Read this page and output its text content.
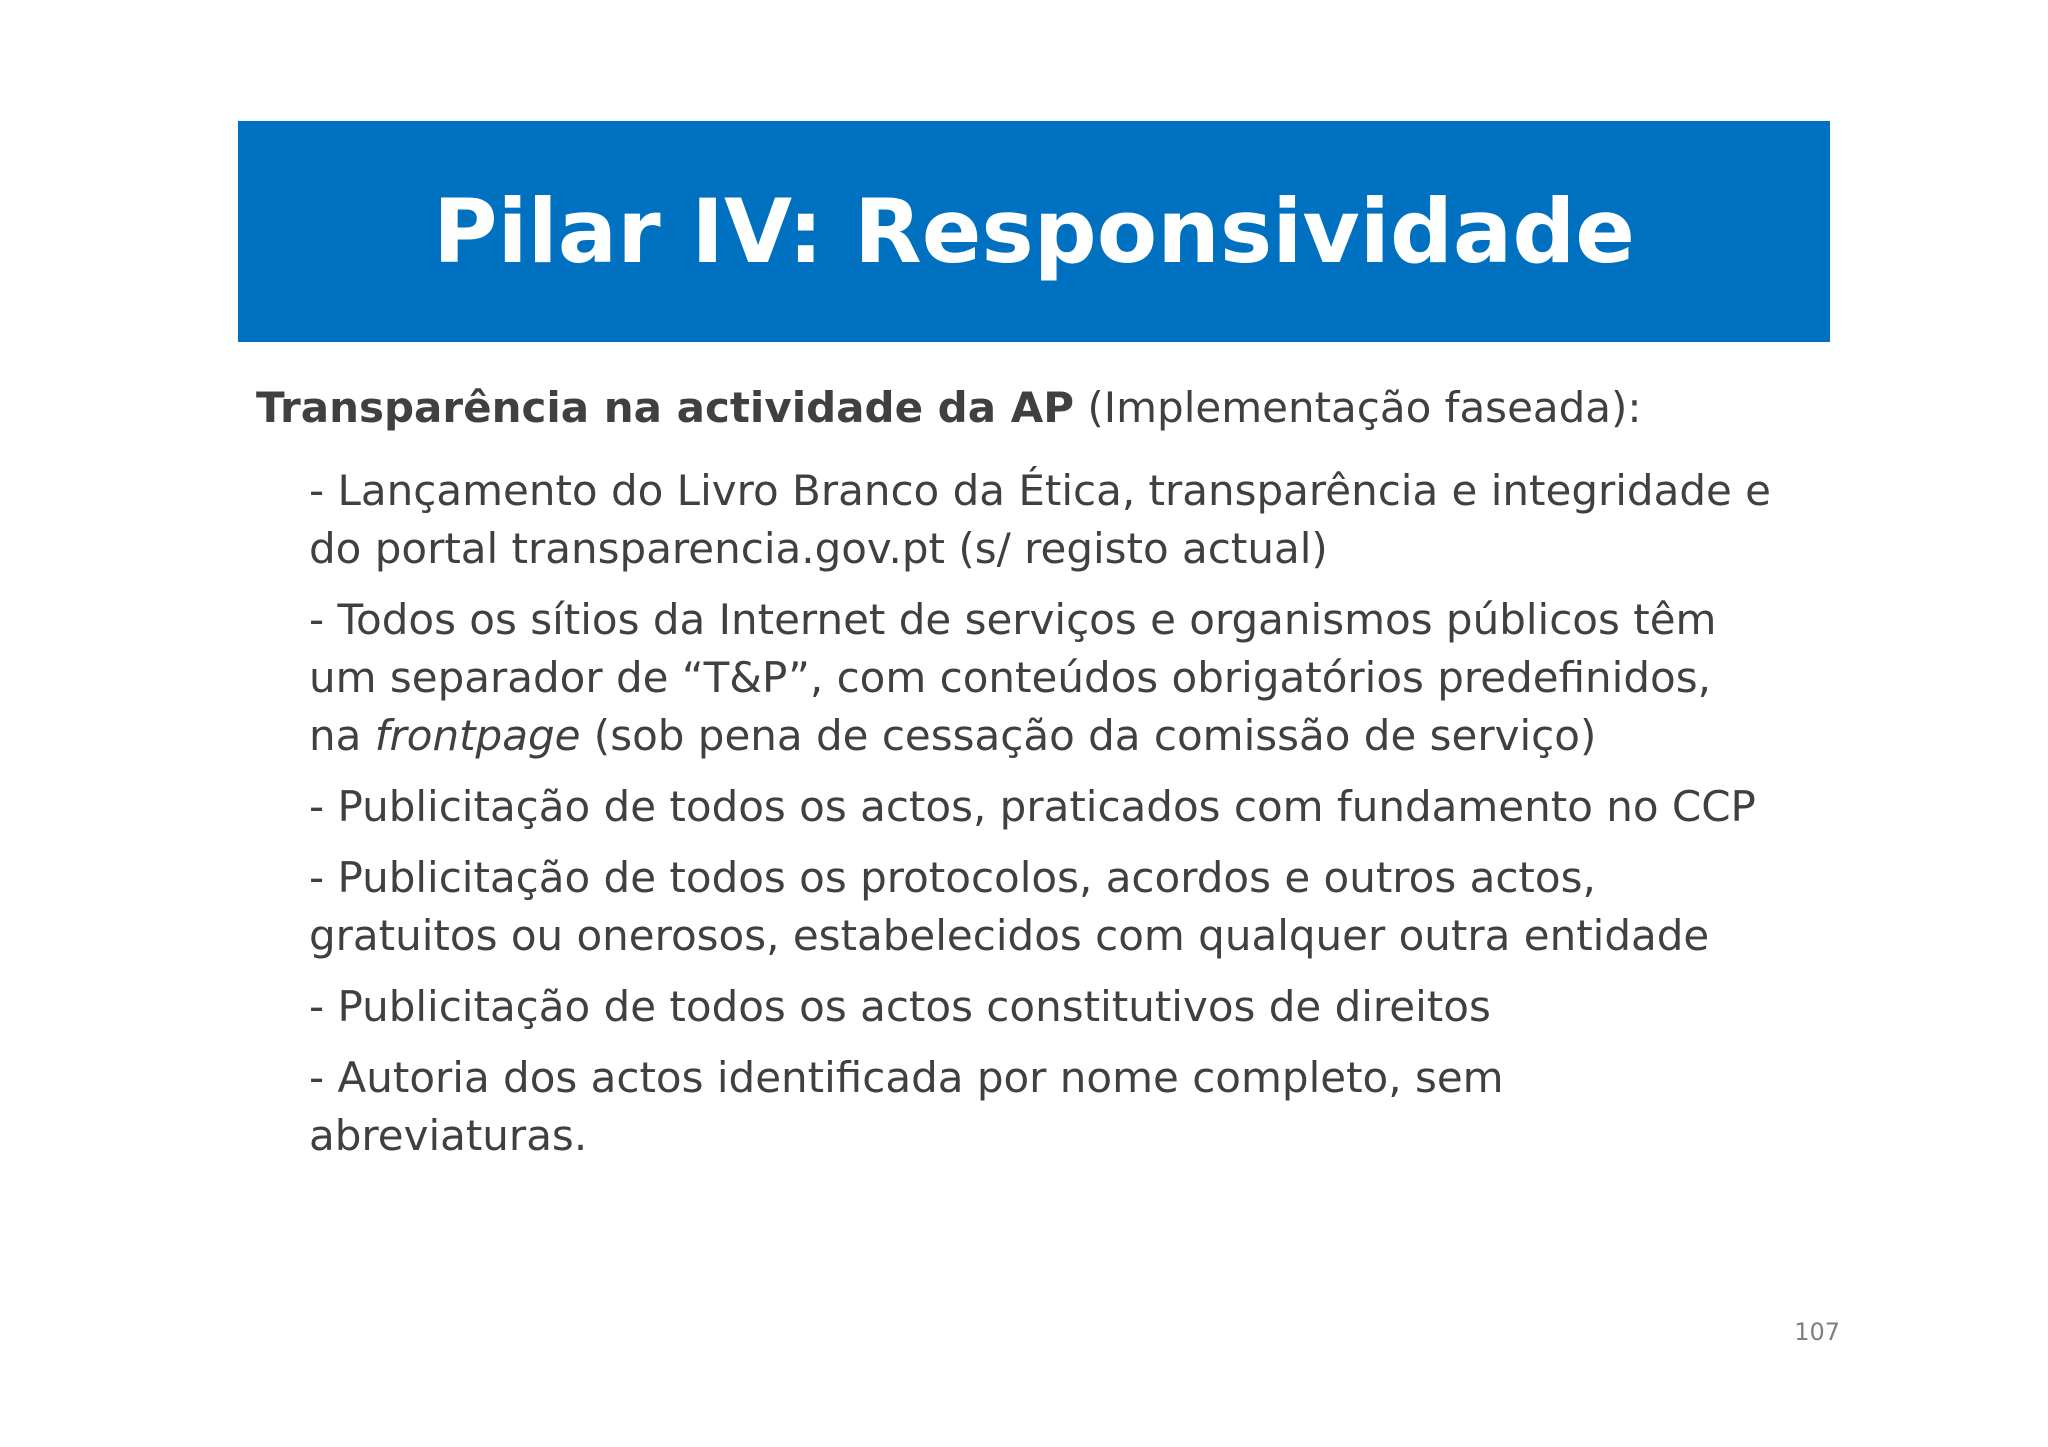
Pilar IV: Responsividade
Transparência na actividade da AP (Implementação faseada):
- Lançamento do Livro Branco da Ética, transparência e integridade e
do portal transparencia.gov.pt (s/ registo actual)
- Todos os sítios da Internet de serviços e organismos públicos têm
um separador de “T&P”, com conteúdos obrigatórios predefinidos,
na frontpage (sob pena de cessação da comissão de serviço)
- Publicitação de todos os actos, praticados com fundamento no CCP
- Publicitação de todos os protocolos, acordos e outros actos,
gratuitos ou onerosos, estabelecidos com qualquer outra entidade
- Publicitação de todos os actos constitutivos de direitos
- Autoria dos actos identificada por nome completo, sem
abreviaturas.
107
